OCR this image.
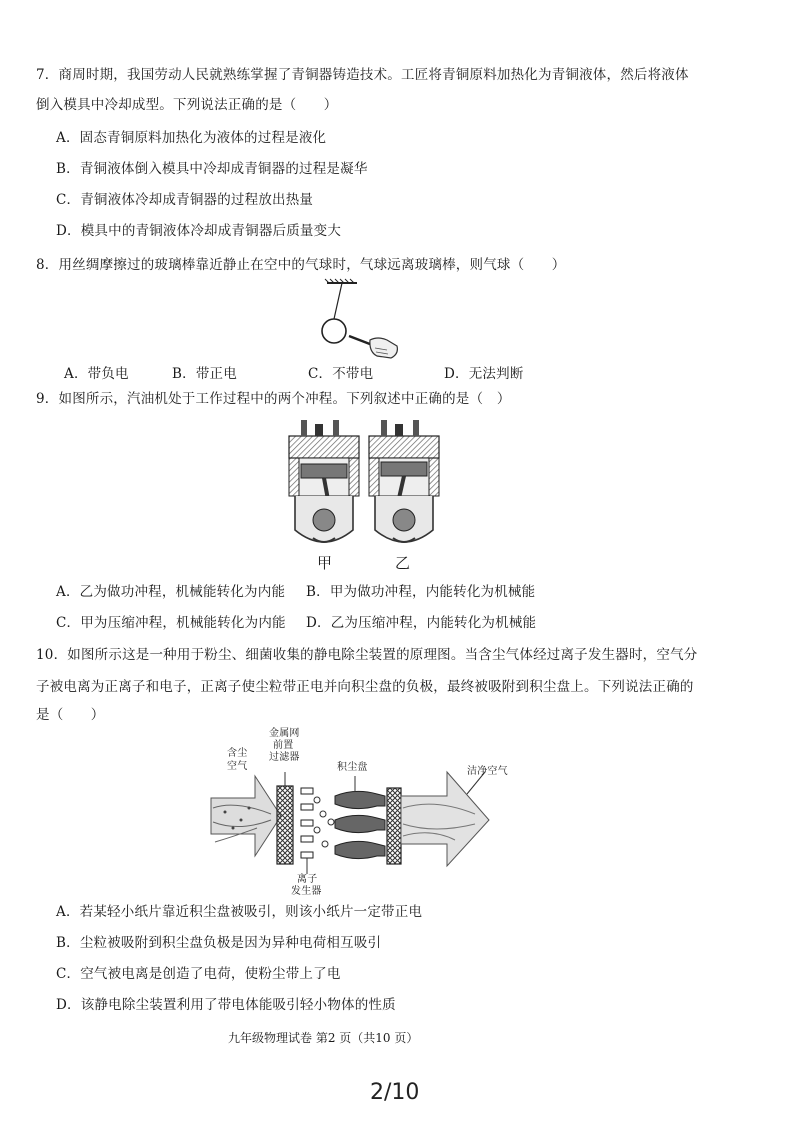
7．商周时期，我国劳动人民就熟练掌握了青铜器铸造技术。工匠将青铜原料加热化为青铜液体，然后将液体
倒入模具中冷却成型。下列说法正确的是（　　）
A．固态青铜原料加热化为液体的过程是液化
B．青铜液体倒入模具中冷却成青铜器的过程是凝华
C．青铜液体冷却成青铜器的过程放出热量
D．模具中的青铜液体冷却成青铜器后质量变大
8．用丝绸摩擦过的玻璃棒靠近静止在空中的气球时，气球远离玻璃棒，则气球（　　）
A．带负电	B．带正电	C．不带电	D．无法判断
9．如图所示，汽油机处于工作过程中的两个冲程。下列叙述中正确的是（　）
甲	乙
A．乙为做功冲程，机械能转化为内能 B．甲为做功冲程，内能转化为机械能
C．甲为压缩冲程，机械能转化为内能 D．乙为压缩冲程，内能转化为机械能
10．如图所示这是一种用于粉尘、细菌收集的静电除尘装置的原理图。当含尘气体经过离子发生器时，空气分
子被电离为正离子和电子，正离子使尘粒带正电并向积尘盘的负极，最终被吸附到积尘盘上。下列说法正确的
是（　　）
含尘
空气
金属网
前置
过滤器
积尘盘	洁净空气
离子
发生器
A．若某轻小纸片靠近积尘盘被吸引，则该小纸片一定带正电
B．尘粒被吸附到积尘盘负极是因为异种电荷相互吸引
C．空气被电离是创造了电荷，使粉尘带上了电
D．该静电除尘装置利用了带电体能吸引轻小物体的性质
九年级物理试卷 第2 页（共10 页）
2/10
